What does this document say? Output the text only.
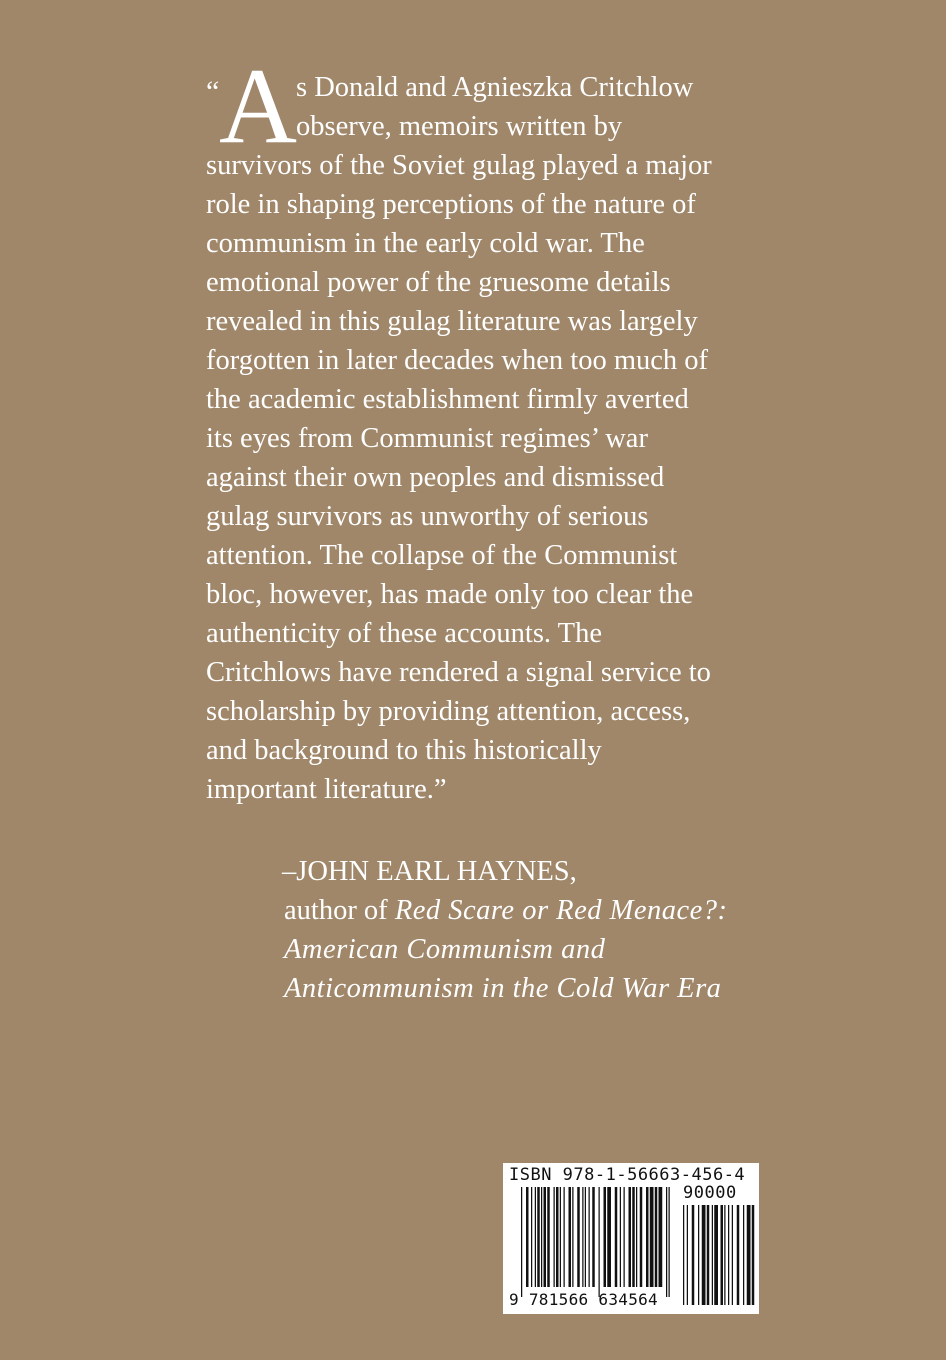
“ A s Donald and Agnieszka Critchlow
observe, memoirs written by
survivors of the Soviet gulag played a major
role in shaping perceptions of the nature of
communism in the early cold war. The
emotional power of the gruesome details
revealed in this gulag literature was largely
forgotten in later decades when too much of
the academic establishment firmly averted
its eyes from Communist regimes’ war
against their own peoples and dismissed
gulag survivors as unworthy of serious
attention. The collapse of the Communist
bloc, however, has made only too clear the
authenticity of these accounts. The
Critchlows have rendered a signal service to
scholarship by providing attention, access,
and background to this historically
important literature.”
–JOHN EARL HAYNES,
author of Red Scare or Red Menace?:
American Communism and
Anticommunism in the Cold War Era
ISBN 978-1-56663-456-4
90000
9 781566 634564
